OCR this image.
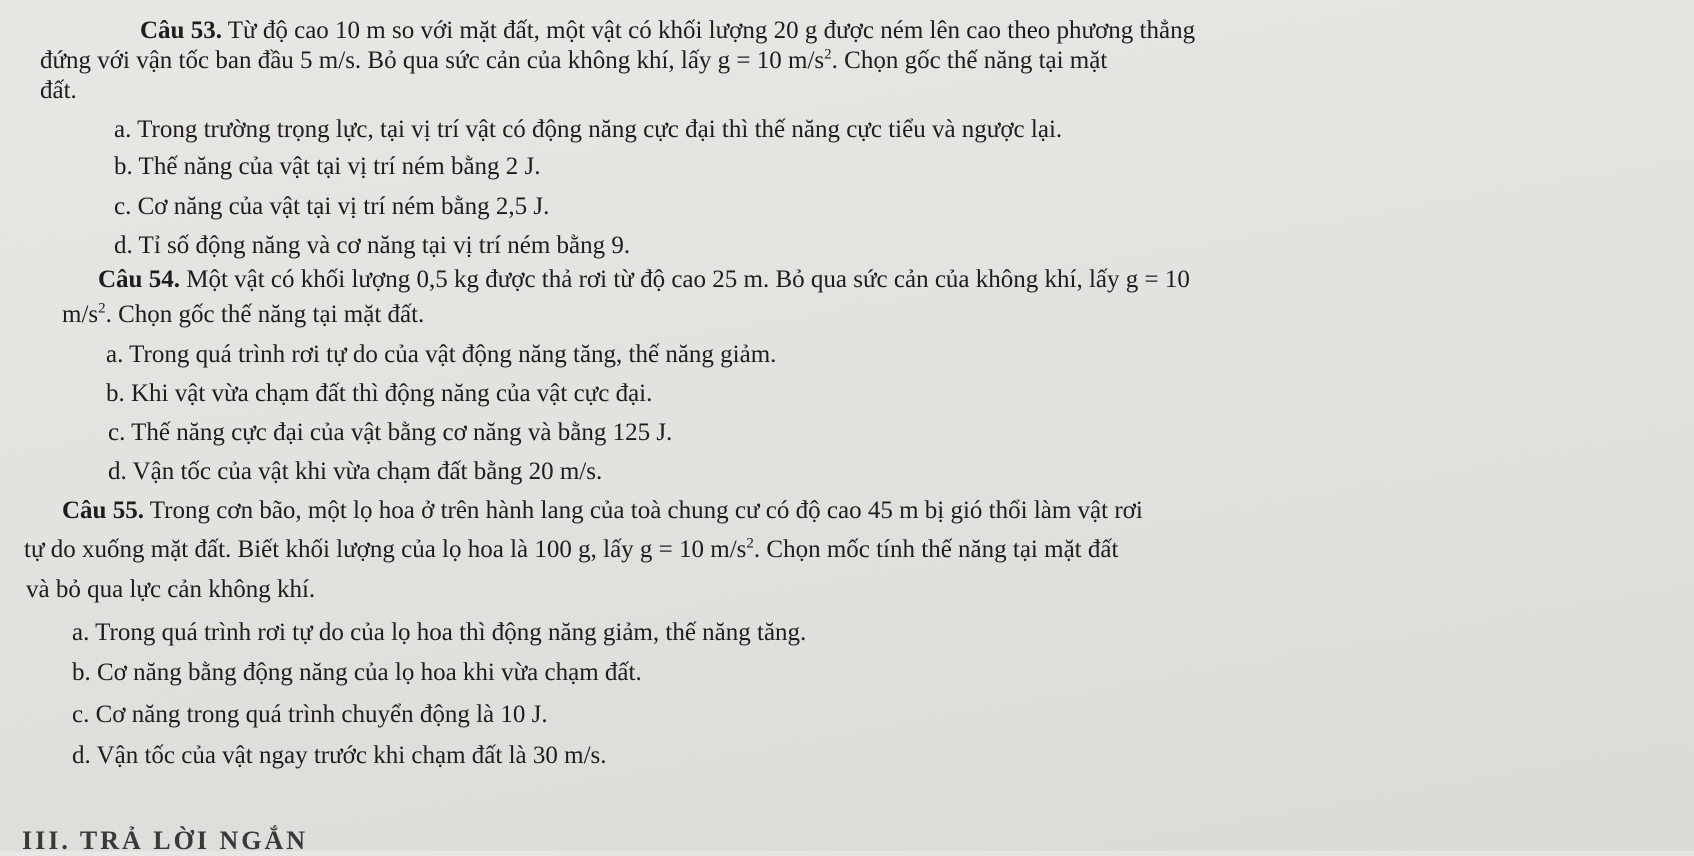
Câu 53. Từ độ cao 10 m so với mặt đất, một vật có khối lượng 20 g được ném lên cao theo phương thẳng
đứng với vận tốc ban đầu 5 m/s. Bỏ qua sức cản của không khí, lấy g = 10 $m/s^2$. Chọn gốc thế năng tại mặt
đất.
a. Trong trường trọng lực, tại vị trí vật có động năng cực đại thì thế năng cực tiểu và ngược lại.
b. Thế năng của vật tại vị trí ném bằng 2 J.
c. Cơ năng của vật tại vị trí ném bằng 2,5 J.
d. Tỉ số động năng và cơ năng tại vị trí ném bằng 9.
Câu 54. Một vật có khối lượng 0,5 kg được thả rơi từ độ cao 25 m. Bỏ qua sức cản của không khí, lấy g = 10
$m/s^2$. Chọn gốc thế năng tại mặt đất.
a. Trong quá trình rơi tự do của vật động năng tăng, thế năng giảm.
b. Khi vật vừa chạm đất thì động năng của vật cực đại.
c. Thế năng cực đại của vật bằng cơ năng và bằng 125 J.
d. Vận tốc của vật khi vừa chạm đất bằng 20 m/s.
Câu 55. Trong cơn bão, một lọ hoa ở trên hành lang của toà chung cư có độ cao 45 m bị gió thổi làm vật rơi
tự do xuống mặt đất. Biết khối lượng của lọ hoa là 100 g, lấy g = 10 $m/s^2$. Chọn mốc tính thế năng tại mặt đất
và bỏ qua lực cản không khí.
a. Trong quá trình rơi tự do của lọ hoa thì động năng giảm, thế năng tăng.
b. Cơ năng bằng động năng của lọ hoa khi vừa chạm đất.
c. Cơ năng trong quá trình chuyển động là 10 J.
d. Vận tốc của vật ngay trước khi chạm đất là 30 m/s.
III. TRẢ LỜI NGẮN
